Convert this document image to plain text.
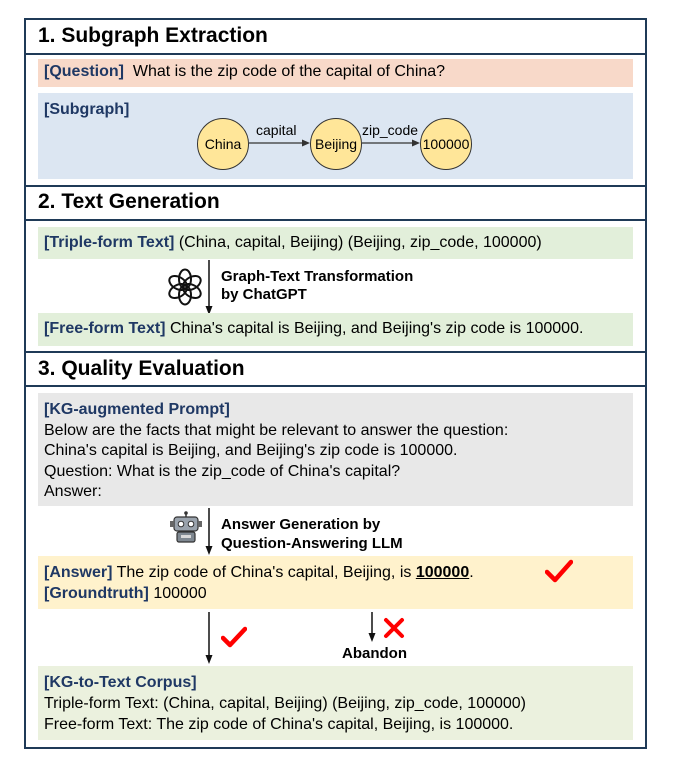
1. Subgraph Extraction
[Question] What is the zip code of the capital of China?
[Subgraph]
China	Beijing	100000
capital	zip_code
2. Text Generation
[Triple-form Text] (China, capital, Beijing) (Beijing, zip_code, 100000)
Graph-Text Transformation
by ChatGPT
[Free-form Text] China's capital is Beijing, and Beijing's zip code is 100000.
3. Quality Evaluation
[KG-augmented Prompt]
Below are the facts that might be relevant to answer the question:
China's capital is Beijing, and Beijing's zip code is 100000.
Question: What is the zip_code of China's capital?
Answer:
Answer Generation by
Question-Answering LLM
[Answer] The zip code of China's capital, Beijing, is 100000.
[Groundtruth] 100000
Abandon
[KG-to-Text Corpus]
Triple-form Text: (China, capital, Beijing) (Beijing, zip_code, 100000)
Free-form Text: The zip code of China's capital, Beijing, is 100000.
